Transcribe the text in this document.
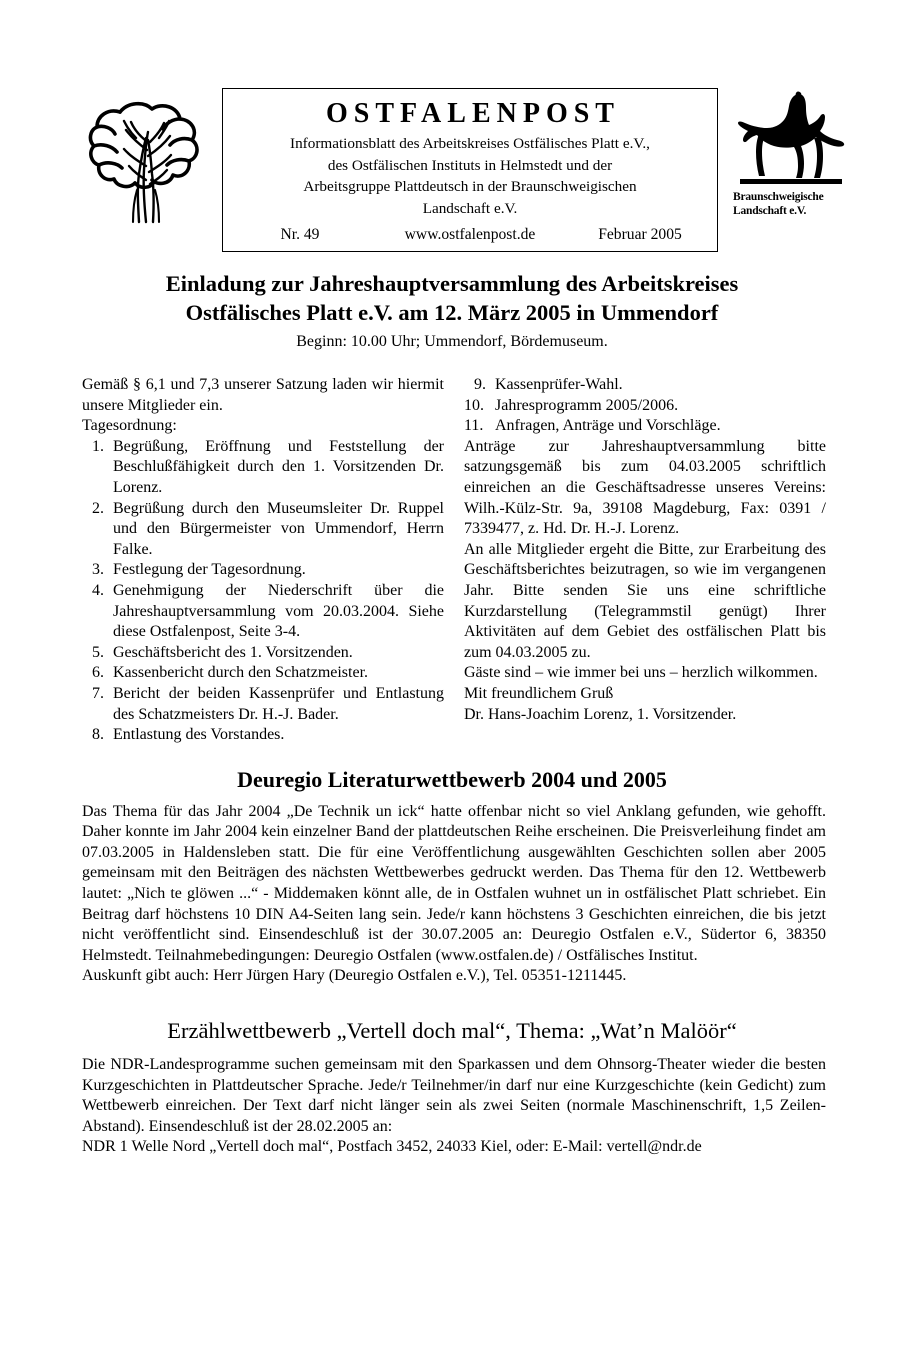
OSTFALENPOST
Informationsblatt des Arbeitskreises Ostfälisches Platt e.V.,
des Ostfälischen Instituts in Helmstedt und der
Arbeitsgruppe Plattdeutsch in der Braunschweigischen
Landschaft e.V.
Nr. 49	www.ostfalenpost.de	Februar 2005
Braunschweigische
Landschaft e.V.
Einladung zur Jahreshauptversammlung des Arbeitskreises
Ostfälisches Platt e.V. am 12. März 2005 in Ummendorf
Beginn: 10.00 Uhr; Ummendorf, Bördemuseum.

Gemäß § 6,1 und 7,3 unserer Satzung laden wir hiermit unsere Mitglieder ein.

Tagesordnung:

1. Begrüßung, Eröffnung und Feststellung der Beschlußfähigkeit durch den 1. Vorsitzenden Dr. Lorenz.
2. Begrüßung durch den Museumsleiter Dr. Ruppel und den Bürgermeister von Ummendorf, Herrn Falke.
3. Festlegung der Tagesordnung.
4. Genehmigung der Niederschrift über die Jahreshauptversammlung vom 20.03.2004. Siehe diese Ostfalenpost, Seite 3-4.
5. Geschäftsbericht des 1. Vorsitzenden.
6. Kassenbericht durch den Schatzmeister.
7. Bericht der beiden Kassenprüfer und Entlastung des Schatzmeisters Dr. H.-J. Bader.
8. Entlastung des Vorstandes.
9. Kassenprüfer-Wahl.
10. Jahresprogramm 2005/2006.
11. Anfragen, Anträge und Vorschläge.

Anträge zur Jahreshauptversammlung bitte satzungsgemäß bis zum 04.03.2005 schriftlich einreichen an die Geschäftsadresse unseres Vereins: Wilh.-Külz-Str. 9a, 39108 Magdeburg, Fax: 0391 / 7339477, z. Hd. Dr. H.-J. Lorenz.

An alle Mitglieder ergeht die Bitte, zur Erarbeitung des Geschäftsberichtes beizutragen, so wie im vergangenen Jahr. Bitte senden Sie uns eine schriftliche Kurzdarstellung (Telegrammstil genügt) Ihrer Aktivitäten auf dem Gebiet des ostfälischen Platt bis zum 04.03.2005 zu.

Gäste sind – wie immer bei uns – herzlich wilkommen.

Mit freundlichem Gruß

Dr. Hans-Joachim Lorenz, 1. Vorsitzender.

Deuregio Literaturwettbewerb 2004 und 2005

Das Thema für das Jahr 2004 „De Technik un ick“ hatte offenbar nicht so viel Anklang gefunden, wie gehofft. Daher konnte im Jahr 2004 kein einzelner Band der plattdeutschen Reihe erscheinen. Die Preisverleihung findet am 07.03.2005 in Haldensleben statt. Die für eine Veröffentlichung ausgewählten Geschichten sollen aber 2005 gemeinsam mit den Beiträgen des nächsten Wettbewerbes gedruckt werden. Das Thema für den 12. Wettbewerb lautet: „Nich te glöwen ...“ - Middemaken könnt alle, de in Ostfalen wuhnet un in ostfälischet Platt schriebet. Ein Beitrag darf höchstens 10 DIN A4-Seiten lang sein. Jede/r kann höchstens 3 Geschichten einreichen, die bis jetzt nicht veröffentlicht sind. Einsendeschluß ist der 30.07.2005 an: Deuregio Ostfalen e.V., Südertor 6, 38350 Helmstedt. Teilnahmebedingungen: Deuregio Ostfalen (www.ostfalen.de) / Ostfälisches Institut.

Auskunft gibt auch: Herr Jürgen Hary (Deuregio Ostfalen e.V.), Tel. 05351-1211445.

Erzählwettbewerb „Vertell doch mal“, Thema: „Wat’n Malöör“

Die NDR-Landesprogramme suchen gemeinsam mit den Sparkassen und dem Ohnsorg-Theater wieder die besten Kurzgeschichten in Plattdeutscher Sprache. Jede/r Teilnehmer/in darf nur eine Kurzgeschichte (kein Gedicht) zum Wettbewerb einreichen. Der Text darf nicht länger sein als zwei Seiten (normale Maschinenschrift, 1,5 Zeilen-Abstand). Einsendeschluß ist der 28.02.2005 an:

NDR 1 Welle Nord „Vertell doch mal“, Postfach 3452, 24033 Kiel, oder: E-Mail: vertell@ndr.de
